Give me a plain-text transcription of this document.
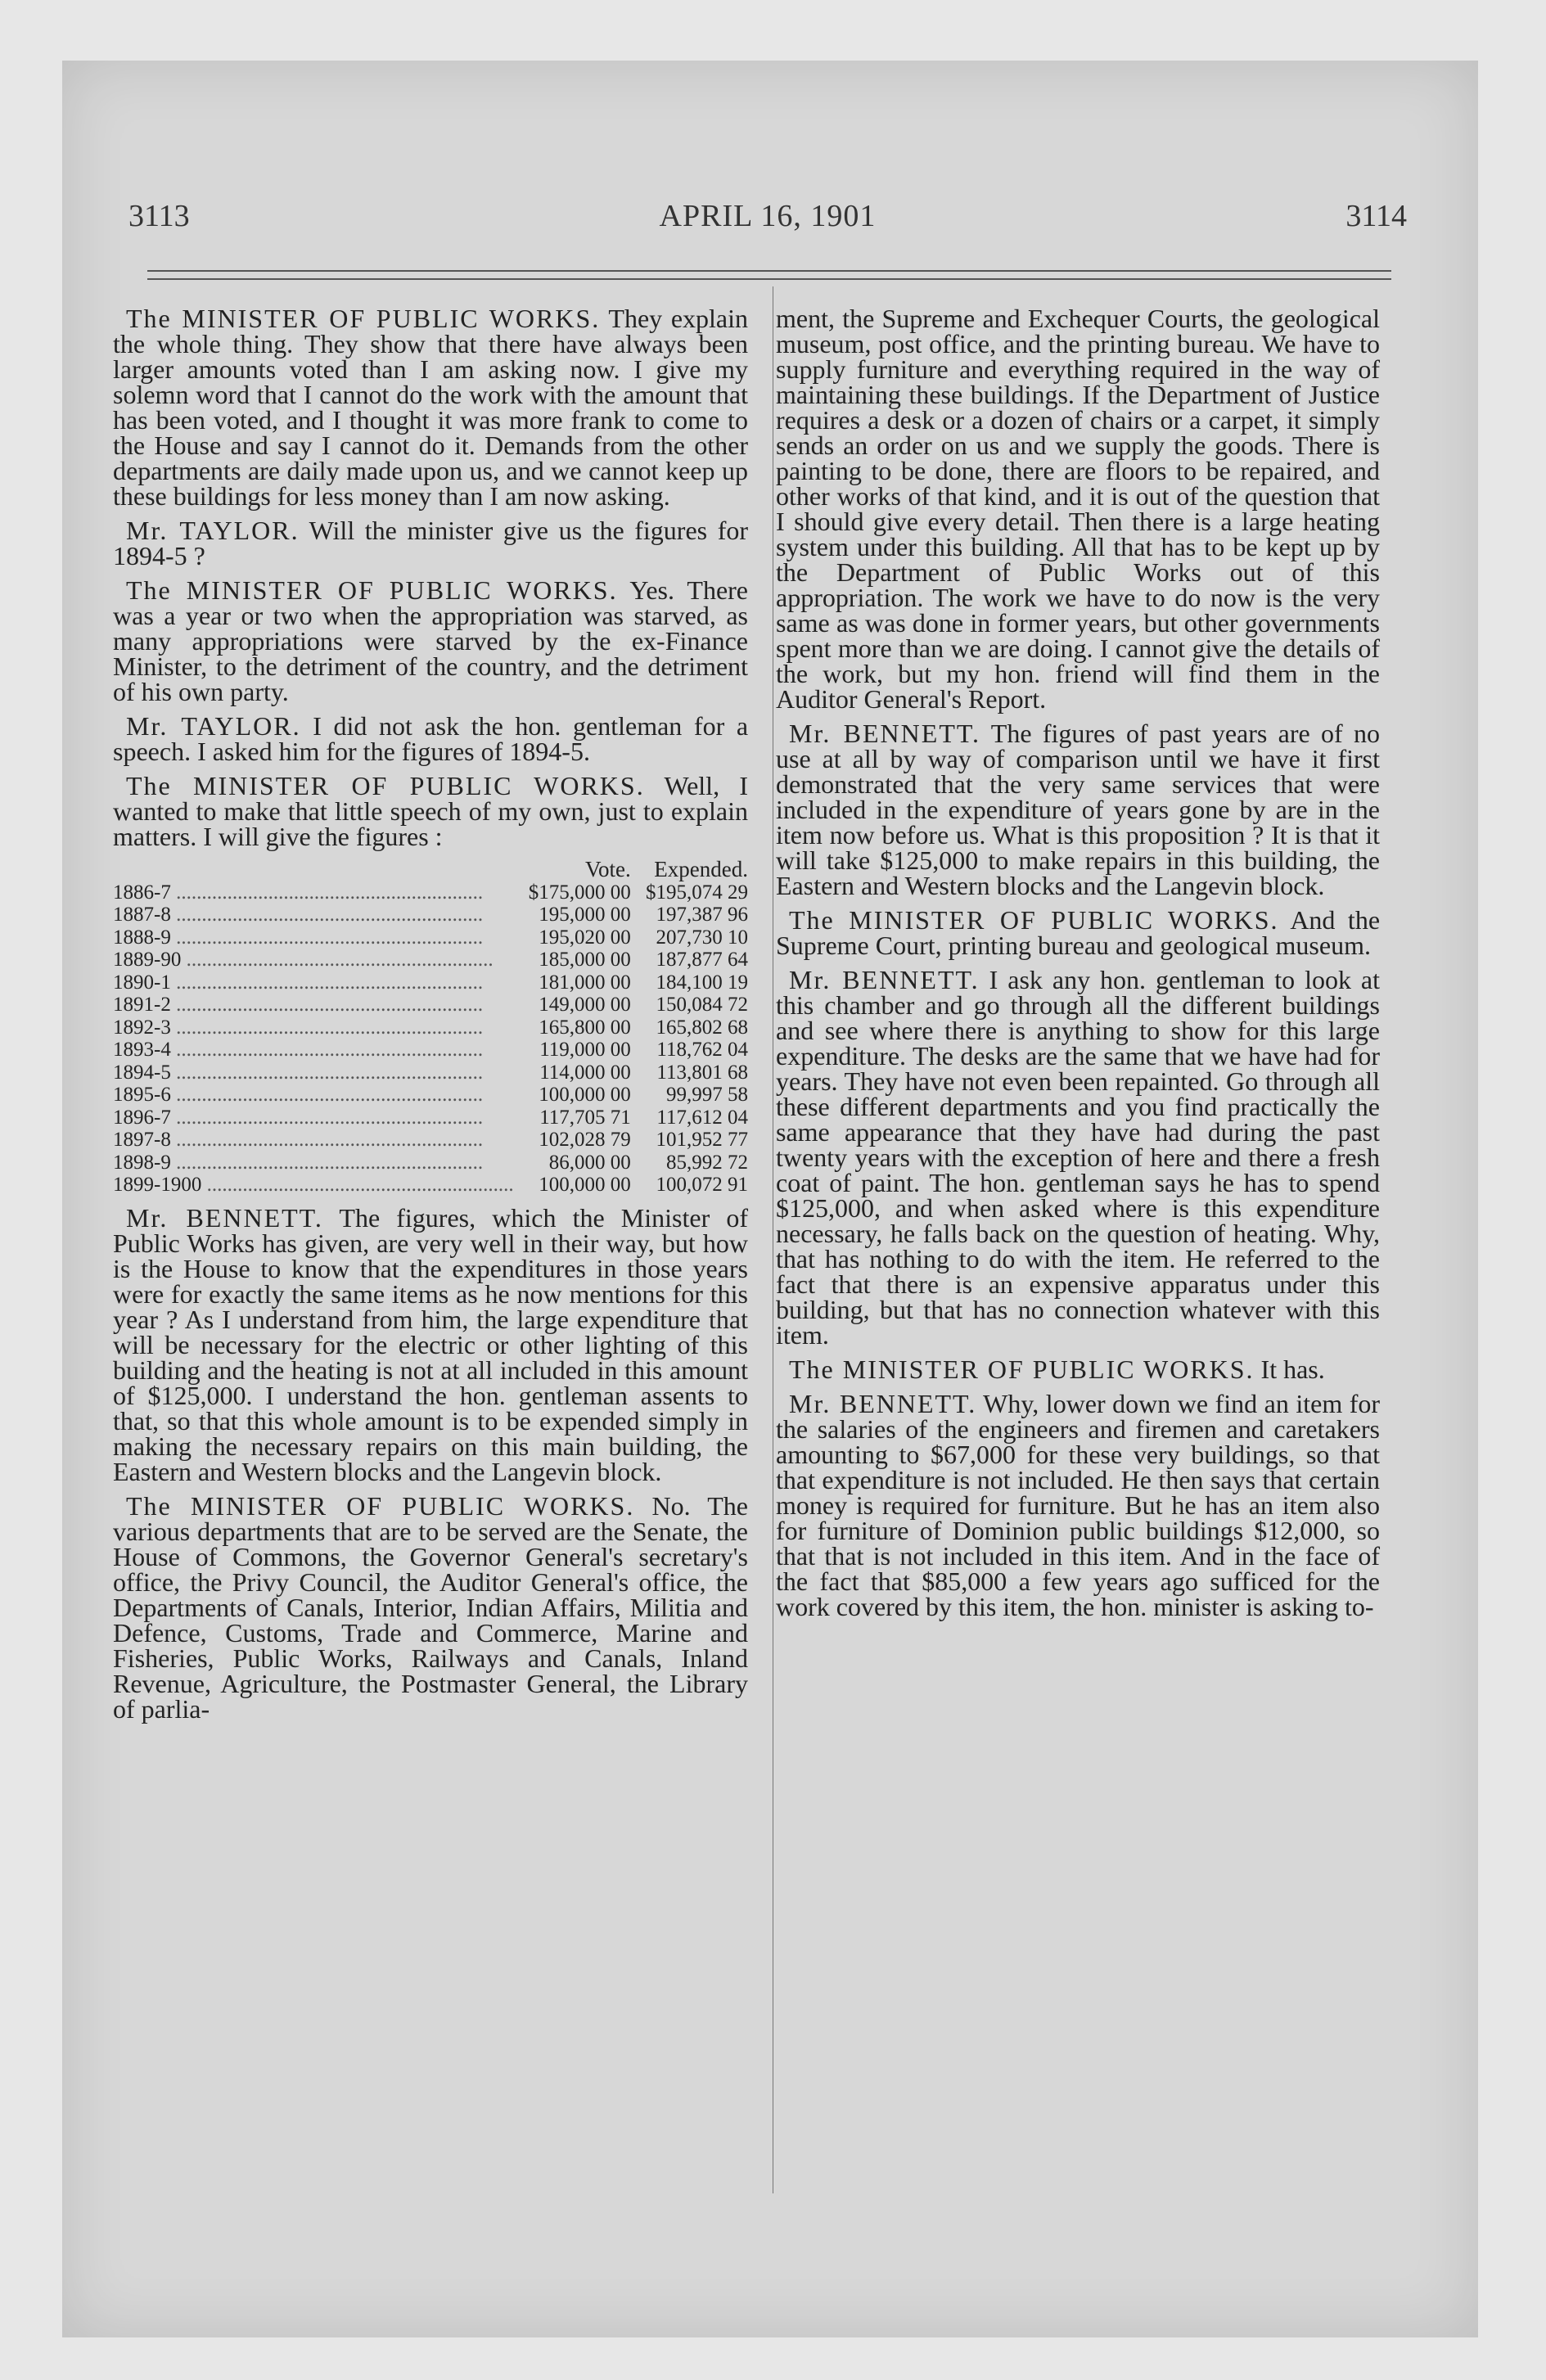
3113	APRIL 16, 1901	3114

The MINISTER OF PUBLIC WORKS. They explain the whole thing. They show that there have always been larger amounts voted than I am asking now. I give my solemn word that I cannot do the work with the amount that has been voted, and I thought it was more frank to come to the House and say I cannot do it. Demands from the other departments are daily made upon us, and we cannot keep up these buildings for less money than I am now asking.

Mr. TAYLOR. Will the minister give us the figures for 1894-5 ?

The MINISTER OF PUBLIC WORKS. Yes. There was a year or two when the appropriation was starved, as many appropriations were starved by the ex-Finance Minister, to the detriment of the country, and the detriment of his own party.

Mr. TAYLOR. I did not ask the hon. gentleman for a speech. I asked him for the figures of 1894-5.

The MINISTER OF PUBLIC WORKS. Well, I wanted to make that little speech of my own, just to explain matters. I will give the figures :

	Vote.	Expended.
1886-7 ............................................................	$175,000 00	$195,074 29
1887-8 ............................................................	195,000 00	197,387 96
1888-9 ............................................................	195,020 00	207,730 10
1889-90 ............................................................	185,000 00	187,877 64
1890-1 ............................................................	181,000 00	184,100 19
1891-2 ............................................................	149,000 00	150,084 72
1892-3 ............................................................	165,800 00	165,802 68
1893-4 ............................................................	119,000 00	118,762 04
1894-5 ............................................................	114,000 00	113,801 68
1895-6 ............................................................	100,000 00	99,997 58
1896-7 ............................................................	117,705 71	117,612 04
1897-8 ............................................................	102,028 79	101,952 77
1898-9 ............................................................	86,000 00	85,992 72
1899-1900 ............................................................	100,000 00	100,072 91

Mr. BENNETT. The figures, which the Minister of Public Works has given, are very well in their way, but how is the House to know that the expenditures in those years were for exactly the same items as he now mentions for this year ? As I understand from him, the large expenditure that will be necessary for the electric or other lighting of this building and the heating is not at all included in this amount of $125,000. I understand the hon. gentleman assents to that, so that this whole amount is to be expended simply in making the necessary repairs on this main building, the Eastern and Western blocks and the Langevin block.

The MINISTER OF PUBLIC WORKS. No. The various departments that are to be served are the Senate, the House of Commons, the Governor General's secretary's office, the Privy Council, the Auditor General's office, the Departments of Canals, Interior, Indian Affairs, Militia and Defence, Customs, Trade and Commerce, Marine and Fisheries, Public Works, Railways and Canals, Inland Revenue, Agriculture, the Postmaster General, the Library of parlia-

ment, the Supreme and Exchequer Courts, the geological museum, post office, and the printing bureau. We have to supply furniture and everything required in the way of maintaining these buildings. If the Department of Justice requires a desk or a dozen of chairs or a carpet, it simply sends an order on us and we supply the goods. There is painting to be done, there are floors to be repaired, and other works of that kind, and it is out of the question that I should give every detail. Then there is a large heating system under this building. All that has to be kept up by the Department of Public Works out of this appropriation. The work we have to do now is the very same as was done in former years, but other governments spent more than we are doing. I cannot give the details of the work, but my hon. friend will find them in the Auditor General's Report.

Mr. BENNETT. The figures of past years are of no use at all by way of comparison until we have it first demonstrated that the very same services that were included in the expenditure of years gone by are in the item now before us. What is this proposition ? It is that it will take $125,000 to make repairs in this building, the Eastern and Western blocks and the Langevin block.

The MINISTER OF PUBLIC WORKS. And the Supreme Court, printing bureau and geological museum.

Mr. BENNETT. I ask any hon. gentleman to look at this chamber and go through all the different buildings and see where there is anything to show for this large expenditure. The desks are the same that we have had for years. They have not even been repainted. Go through all these different departments and you find practically the same appearance that they have had during the past twenty years with the exception of here and there a fresh coat of paint. The hon. gentleman says he has to spend $125,000, and when asked where is this expenditure necessary, he falls back on the question of heating. Why, that has nothing to do with the item. He referred to the fact that there is an expensive apparatus under this building, but that has no connection whatever with this item.

The MINISTER OF PUBLIC WORKS. It has.

Mr. BENNETT. Why, lower down we find an item for the salaries of the engineers and firemen and caretakers amounting to $67,000 for these very buildings, so that that expenditure is not included. He then says that certain money is required for furniture. But he has an item also for furniture of Dominion public buildings $12,000, so that that is not included in this item. And in the face of the fact that $85,000 a few years ago sufficed for the work covered by this item, the hon. minister is asking to-
